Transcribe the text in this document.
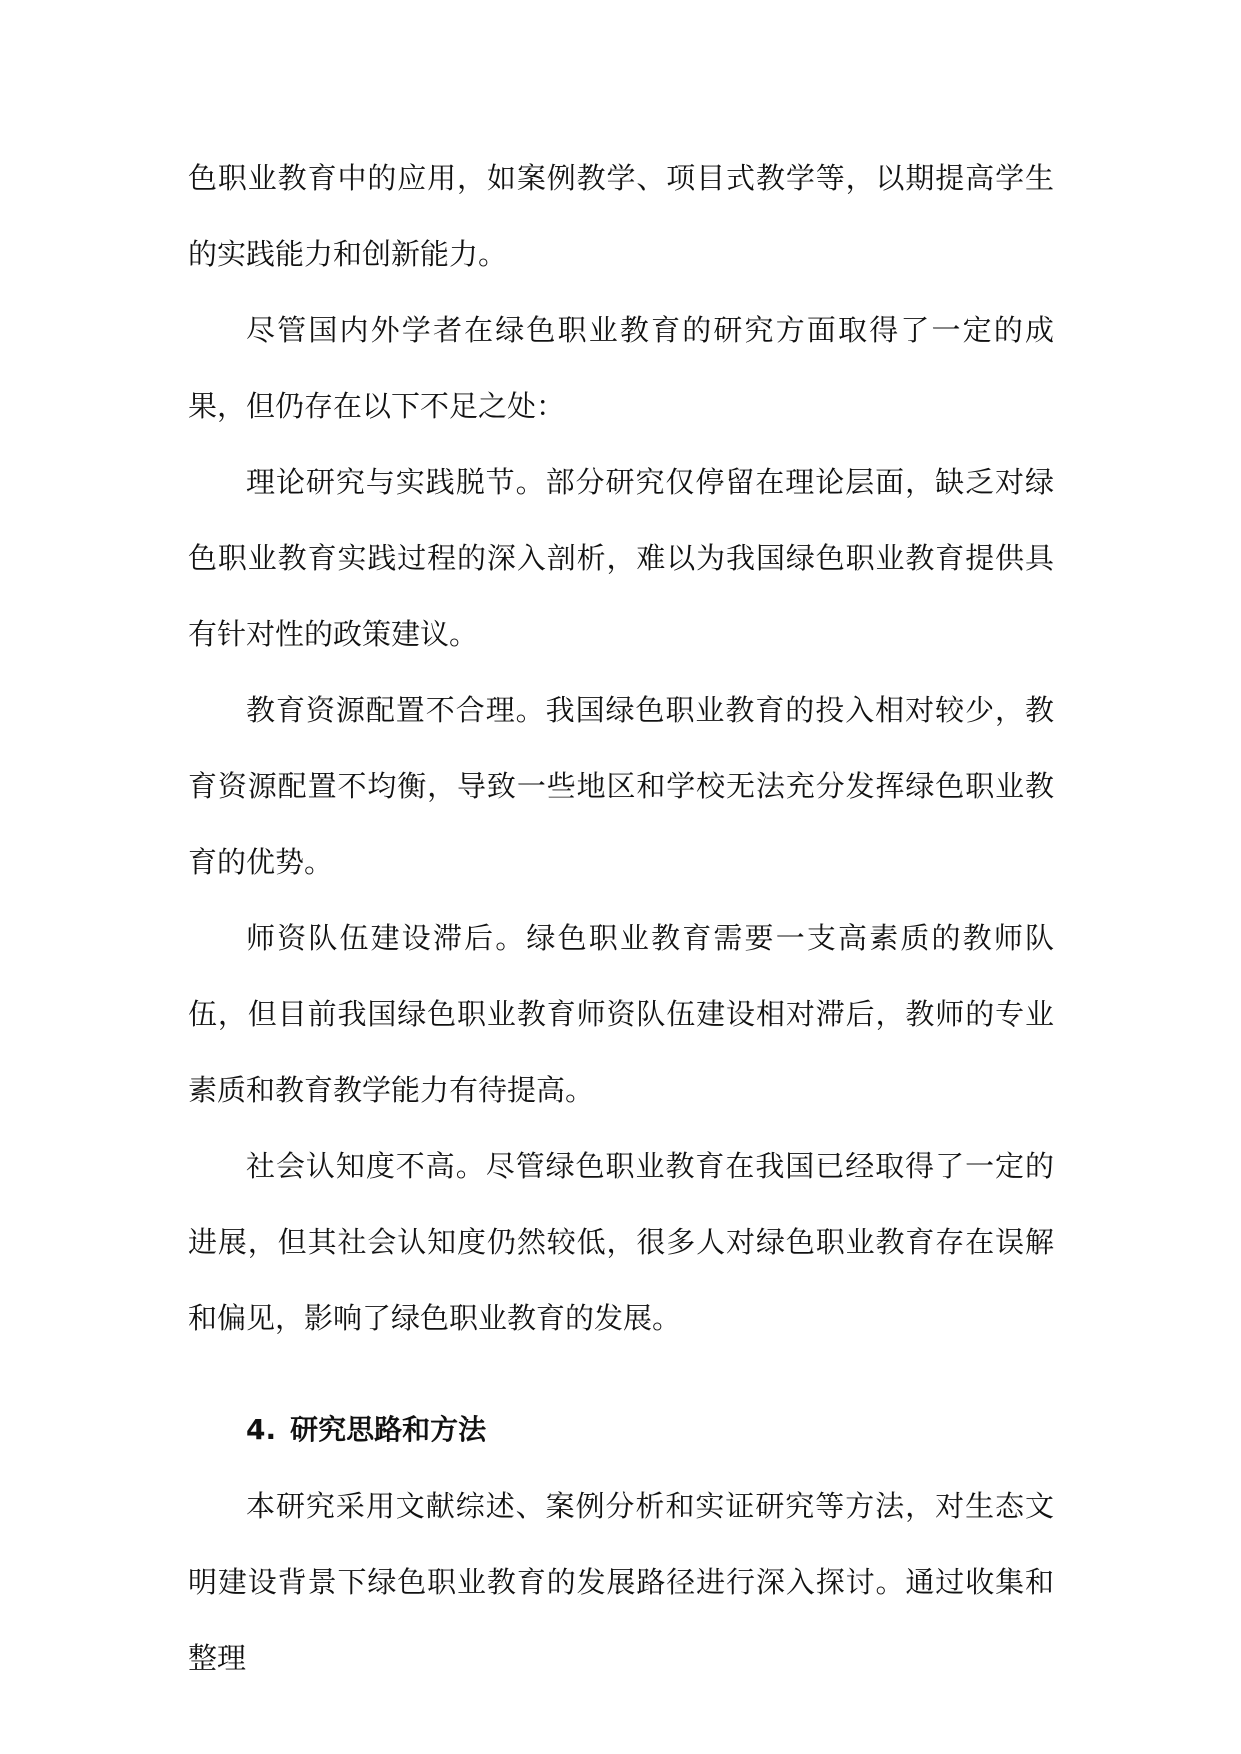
色职业教育中的应用，如案例教学、项目式教学等，以期提高学生的实践能力和创新能力。

尽管国内外学者在绿色职业教育的研究方面取得了一定的成果，但仍存在以下不足之处：

理论研究与实践脱节。部分研究仅停留在理论层面，缺乏对绿色职业教育实践过程的深入剖析，难以为我国绿色职业教育提供具有针对性的政策建议。

教育资源配置不合理。我国绿色职业教育的投入相对较少，教育资源配置不均衡，导致一些地区和学校无法充分发挥绿色职业教育的优势。

师资队伍建设滞后。绿色职业教育需要一支高素质的教师队伍，但目前我国绿色职业教育师资队伍建设相对滞后，教师的专业素质和教育教学能力有待提高。

社会认知度不高。尽管绿色职业教育在我国已经取得了一定的进展，但其社会认知度仍然较低，很多人对绿色职业教育存在误解和偏见，影响了绿色职业教育的发展。

4. 研究思路和方法

本研究采用文献综述、案例分析和实证研究等方法，对生态文明建设背景下绿色职业教育的发展路径进行深入探讨。通过收集和整理
